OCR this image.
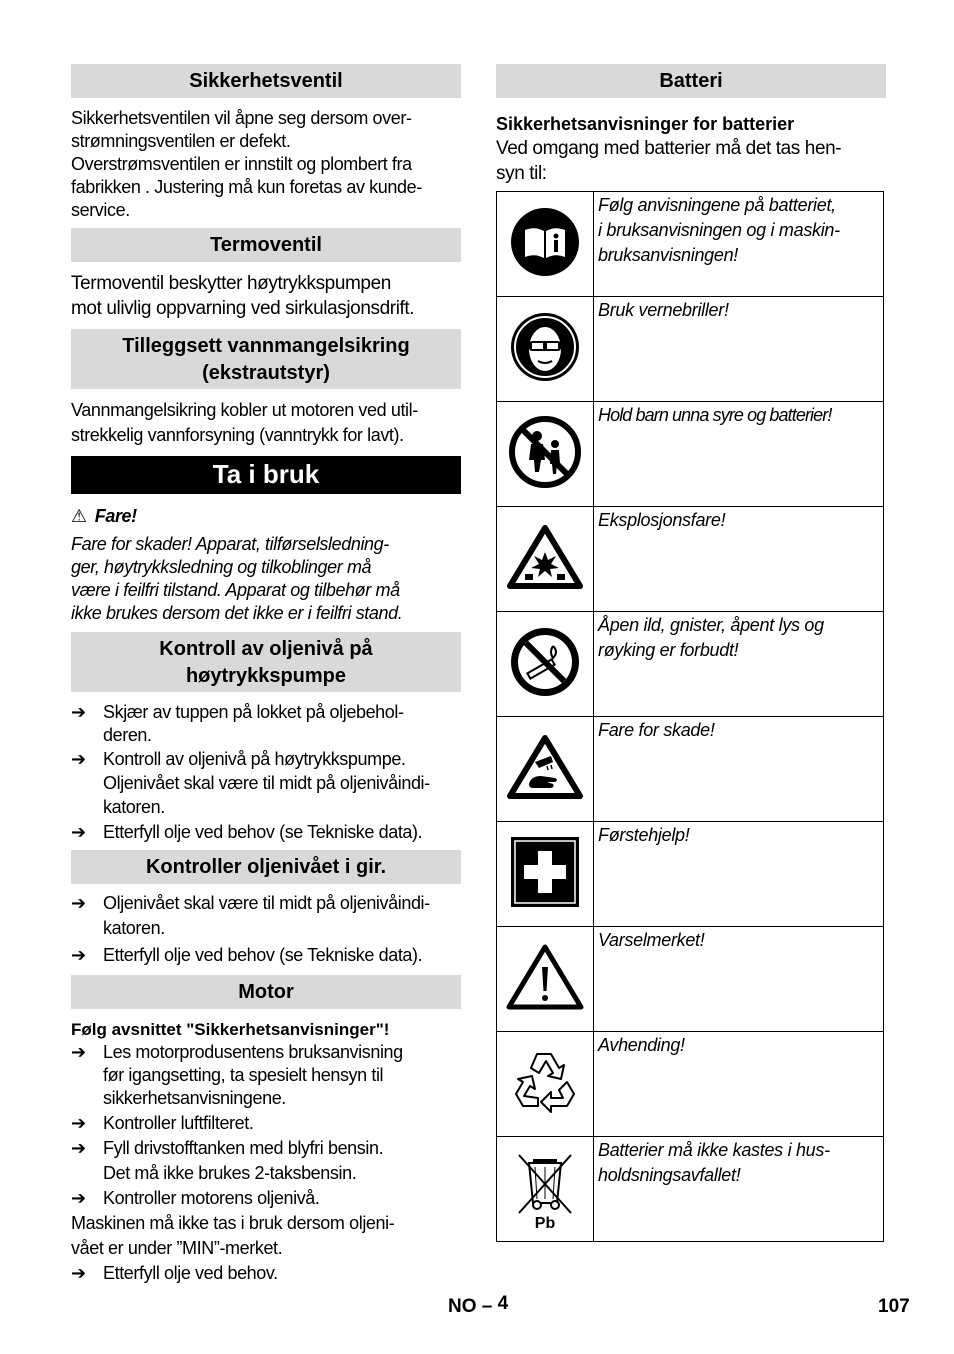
Sikkerhetsventil

Sikkerhetsventilen vil åpne seg dersom over-

strømningsventilen er defekt.

Overstrømsventilen er innstilt og plombert fra

fabrikken . Justering må kun foretas av kunde-

service.

Termoventil

Termoventil beskytter høytrykkspumpen

mot ulivlig oppvarning ved sirkulasjonsdrift.

Tilleggsett vannmangelsikring
(ekstrautstyr)

Vannmangelsikring kobler ut motoren ved util-

strekkelig vannforsyning (vanntrykk for lavt).

Ta i bruk

⚠ Fare!

Fare for skader! Apparat, tilførselsledning-

ger, høytrykksledning og tilkoblinger må

være i feilfri tilstand. Apparat og tilbehør må

ikke brukes dersom det ikke er i feilfri stand.

Kontroll av oljenivå på
høytrykkspumpe
➔ Skjær av tuppen på lokket på oljebehol-
deren.
➔ Kontroll av oljenivå på høytrykkspumpe.
Oljenivået skal være til midt på oljenivåindi-
katoren.
➔ Etterfyll olje ved behov (se Tekniske data).
Kontroller oljenivået i gir.
➔ Oljenivået skal være til midt på oljenivåindi-
katoren.
➔ Etterfyll olje ved behov (se Tekniske data).
Motor
Følg avsnittet "Sikkerhetsanvisninger"!
➔ Les motorprodusentens bruksanvisning
før igangsetting, ta spesielt hensyn til
sikkerhetsanvisningene.
➔ Kontroller luftfilteret.
➔ Fyll drivstofftanken med blyfri bensin.
Det må ikke brukes 2-taksbensin.
➔ Kontroller motorens oljenivå.

Maskinen må ikke tas i bruk dersom oljeni-

vået er under ”MIN”-merket.

➔ Etterfyll olje ved behov.
Batteri
Sikkerhetsanvisninger for batterier

Ved omgang med batterier må det tas hen-

syn til:

Følg anvisningene på batteriet,
i bruksanvisningen og i maskin-
bruksanvisningen!

Bruk vernebriller!

Hold barn unna syre og batterier!

Eksplosjonsfare!

Åpen ild, gnister, åpent lys og
røyking er forbudt!

Fare for skade!

Førstehjelp!

Varselmerket!

Avhending!

Pb	Batterier må ikke kastes i hus-
holdsningsavfallet!
NO – 4	107
